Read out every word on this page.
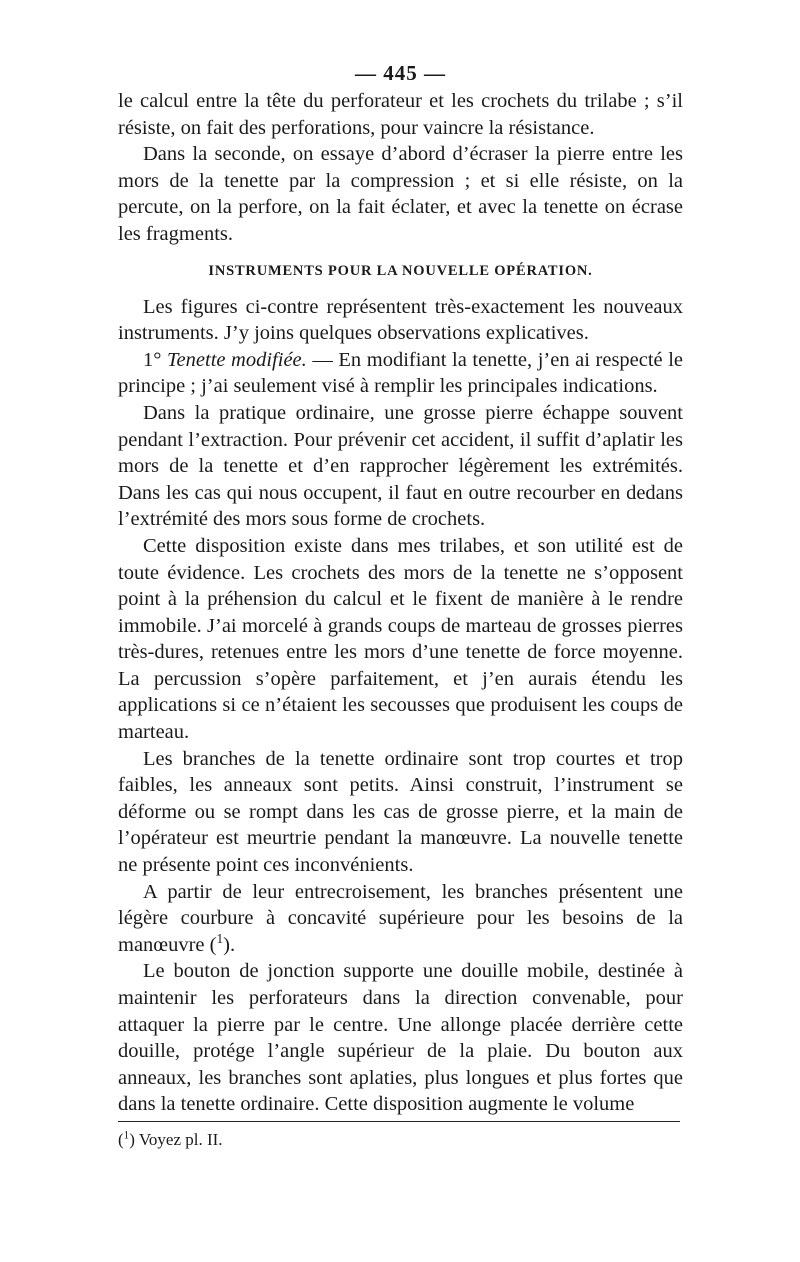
— 445 —

le calcul entre la tête du perforateur et les crochets du trilabe ; s’il résiste, on fait des perforations, pour vaincre la résistance.

Dans la seconde, on essaye d’abord d’écraser la pierre entre les mors de la tenette par la compression ; et si elle résiste, on la percute, on la perfore, on la fait éclater, et avec la tenette on écrase les fragments.

INSTRUMENTS POUR LA NOUVELLE OPÉRATION.

Les figures ci-contre représentent très-exactement les nouveaux instruments. J’y joins quelques observations explicatives.

1° Tenette modifiée. — En modifiant la tenette, j’en ai respecté le principe ; j’ai seulement visé à remplir les principales indications.

Dans la pratique ordinaire, une grosse pierre échappe souvent pendant l’extraction. Pour prévenir cet accident, il suffit d’aplatir les mors de la tenette et d’en rapprocher légèrement les extrémités. Dans les cas qui nous occupent, il faut en outre recourber en dedans l’extrémité des mors sous forme de crochets.

Cette disposition existe dans mes trilabes, et son utilité est de toute évidence. Les crochets des mors de la tenette ne s’opposent point à la préhension du calcul et le fixent de manière à le rendre immobile. J’ai morcelé à grands coups de marteau de grosses pierres très-dures, retenues entre les mors d’une tenette de force moyenne. La percussion s’opère parfaitement, et j’en aurais étendu les applications si ce n’étaient les secousses que produisent les coups de marteau.

Les branches de la tenette ordinaire sont trop courtes et trop faibles, les anneaux sont petits. Ainsi construit, l’instrument se déforme ou se rompt dans les cas de grosse pierre, et la main de l’opérateur est meurtrie pendant la manœuvre. La nouvelle tenette ne présente point ces inconvénients.

A partir de leur entrecroisement, les branches présentent une légère courbure à concavité supérieure pour les besoins de la manœuvre ($^1$).

Le bouton de jonction supporte une douille mobile, destinée à maintenir les perforateurs dans la direction convenable, pour attaquer la pierre par le centre. Une allonge placée derrière cette douille, protége l’angle supérieur de la plaie. Du bouton aux anneaux, les branches sont aplaties, plus longues et plus fortes que dans la tenette ordinaire. Cette disposition augmente le volume

($^1$) Voyez pl. II.
